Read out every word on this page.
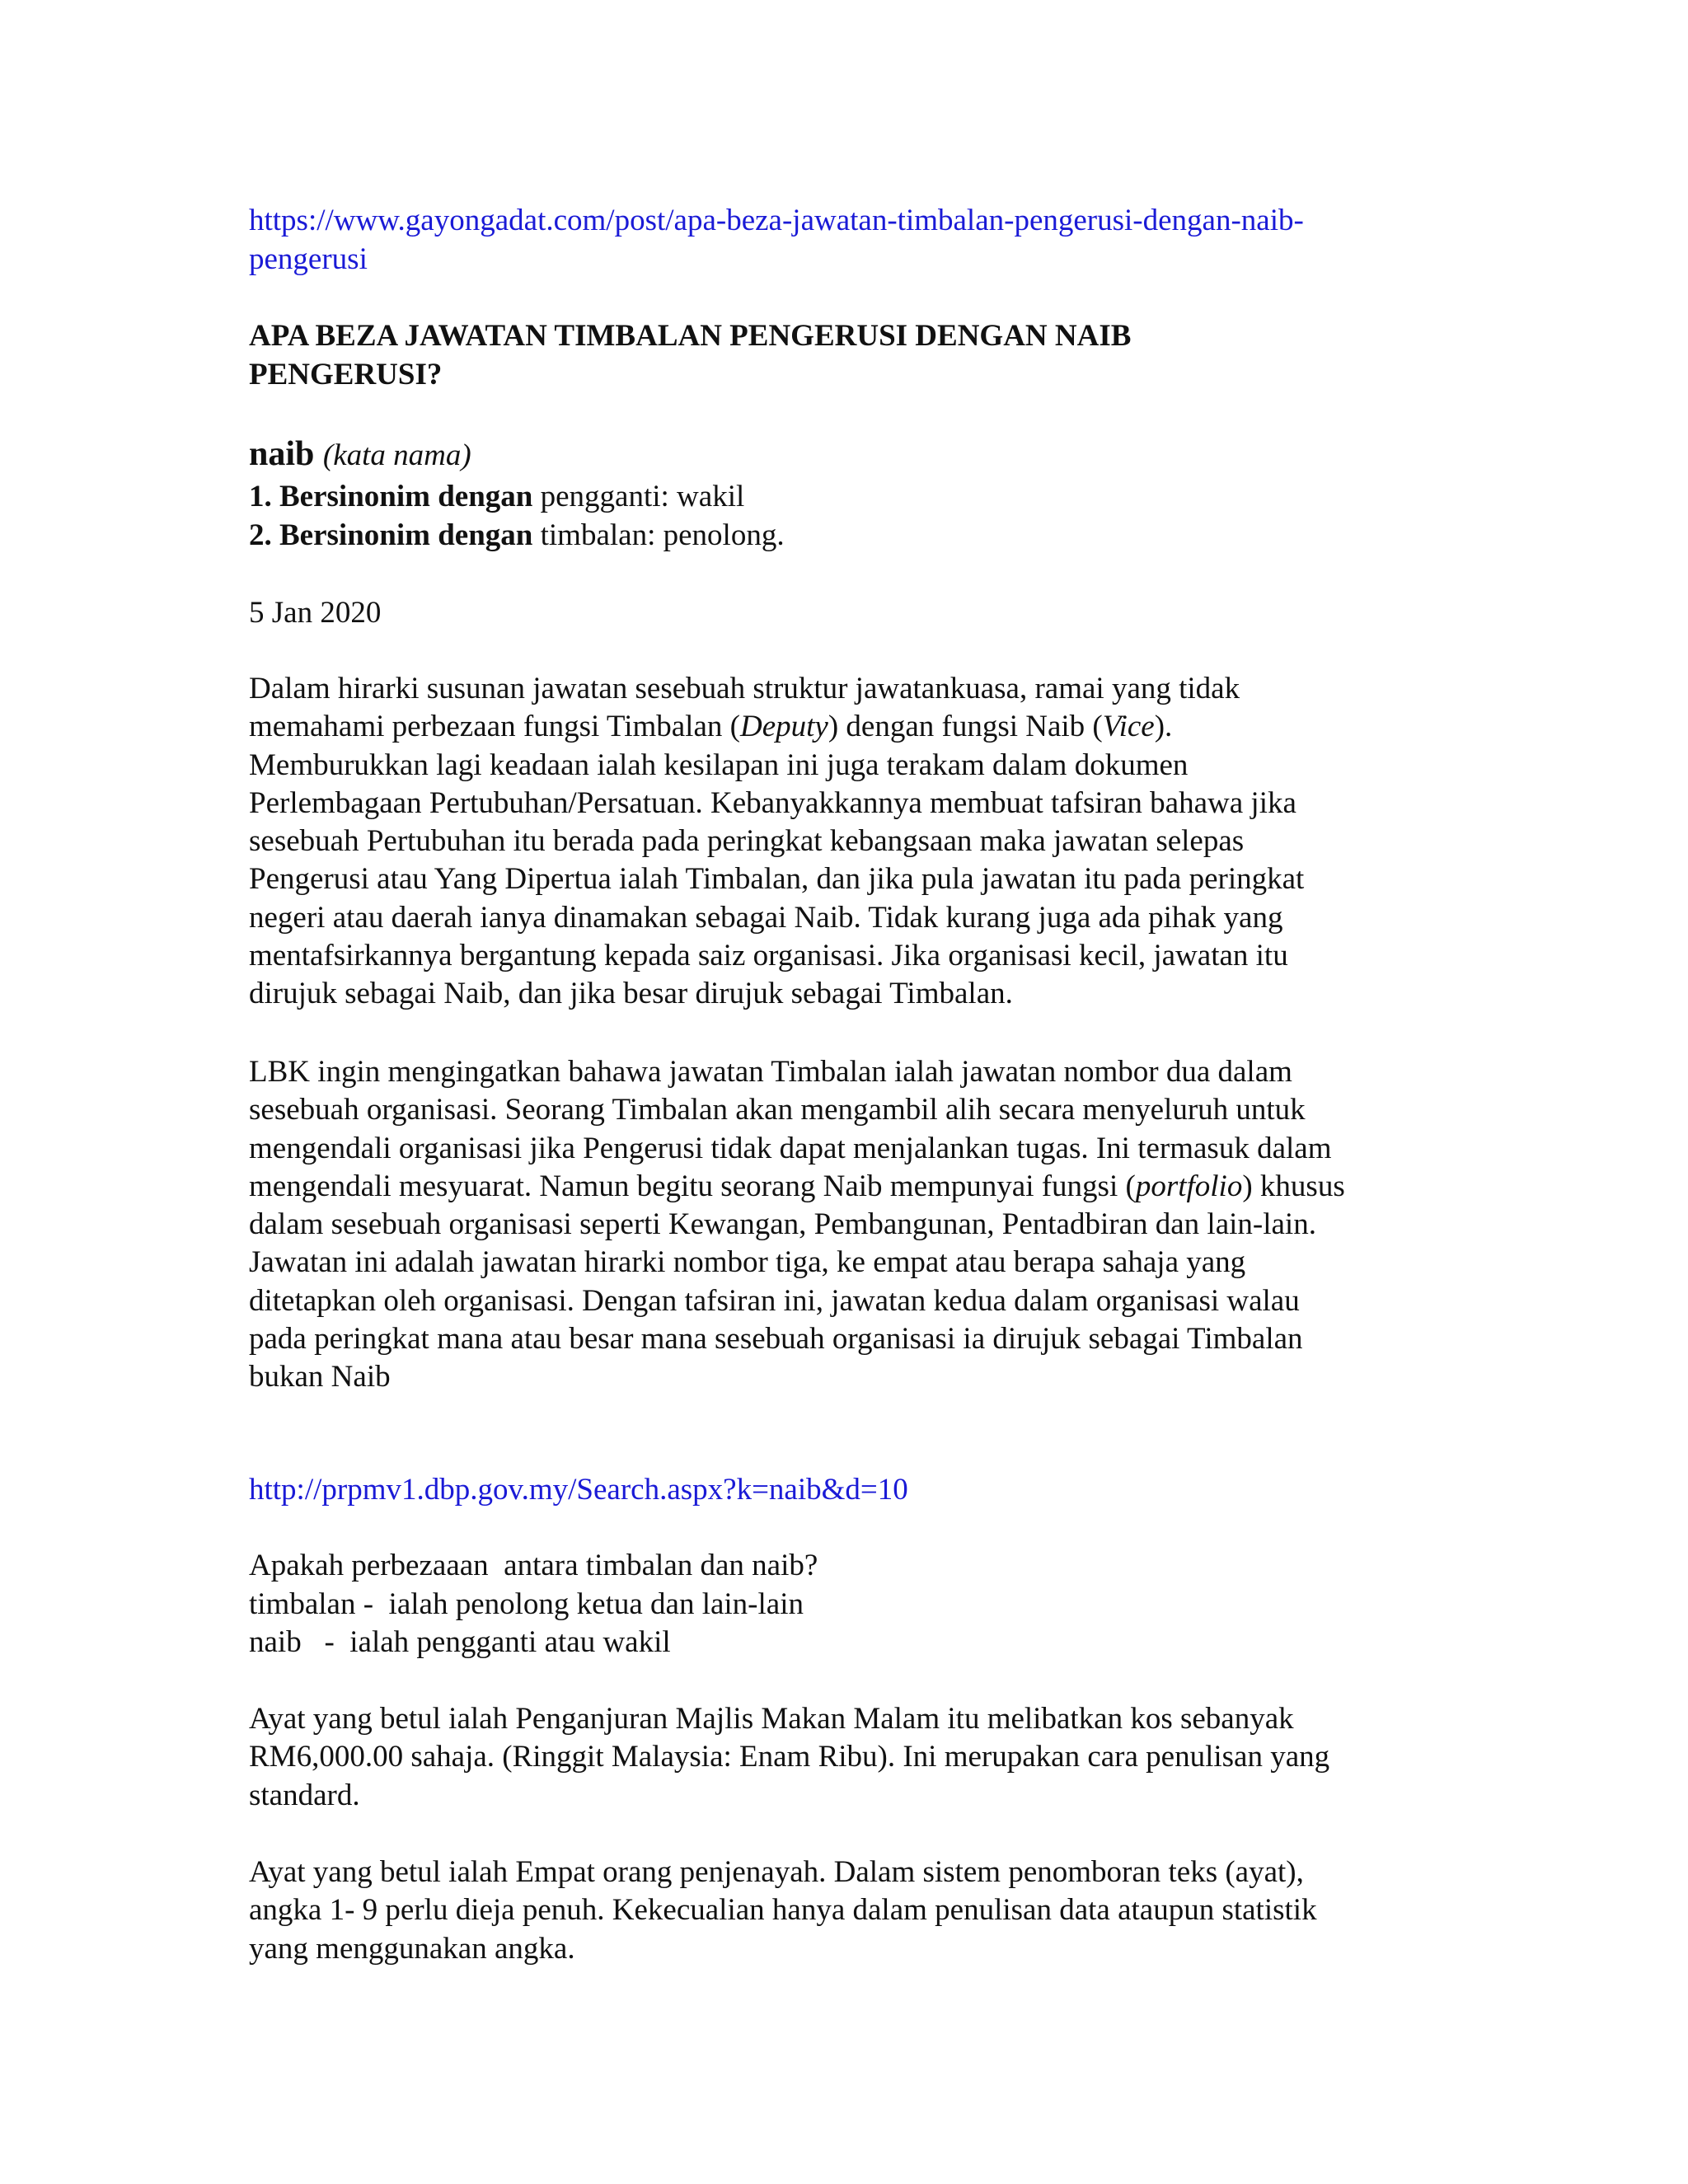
https://www.gayongadat.com/post/apa-beza-jawatan-timbalan-pengerusi-dengan-naib-
pengerusi
APA BEZA JAWATAN TIMBALAN PENGERUSI DENGAN NAIB
PENGERUSI?
naib (kata nama)
1. Bersinonim dengan pengganti: wakil
2. Bersinonim dengan timbalan: penolong.
5 Jan 2020

Dalam hirarki susunan jawatan sesebuah struktur jawatankuasa, ramai yang tidak
memahami perbezaan fungsi Timbalan (Deputy) dengan fungsi Naib (Vice).
Memburukkan lagi keadaan ialah kesilapan ini juga terakam dalam dokumen
Perlembagaan Pertubuhan/Persatuan. Kebanyakkannya membuat tafsiran bahawa jika
sesebuah Pertubuhan itu berada pada peringkat kebangsaan maka jawatan selepas
Pengerusi atau Yang Dipertua ialah Timbalan, dan jika pula jawatan itu pada peringkat
negeri atau daerah ianya dinamakan sebagai Naib. Tidak kurang juga ada pihak yang
mentafsirkannya bergantung kepada saiz organisasi. Jika organisasi kecil, jawatan itu
dirujuk sebagai Naib, dan jika besar dirujuk sebagai Timbalan.

LBK ingin mengingatkan bahawa jawatan Timbalan ialah jawatan nombor dua dalam
sesebuah organisasi. Seorang Timbalan akan mengambil alih secara menyeluruh untuk
mengendali organisasi jika Pengerusi tidak dapat menjalankan tugas. Ini termasuk dalam
mengendali mesyuarat. Namun begitu seorang Naib mempunyai fungsi (portfolio) khusus
dalam sesebuah organisasi seperti Kewangan, Pembangunan, Pentadbiran dan lain-lain.
Jawatan ini adalah jawatan hirarki nombor tiga, ke empat atau berapa sahaja yang
ditetapkan oleh organisasi. Dengan tafsiran ini, jawatan kedua dalam organisasi walau
pada peringkat mana atau besar mana sesebuah organisasi ia dirujuk sebagai Timbalan
bukan Naib

http://prpmv1.dbp.gov.my/Search.aspx?k=naib&d=10
Apakah perbezaaan  antara timbalan dan naib?
timbalan -  ialah penolong ketua dan lain-lain
naib   -  ialah pengganti atau wakil

Ayat yang betul ialah Penganjuran Majlis Makan Malam itu melibatkan kos sebanyak
RM6,000.00 sahaja. (Ringgit Malaysia: Enam Ribu). Ini merupakan cara penulisan yang
standard.

Ayat yang betul ialah Empat orang penjenayah. Dalam sistem penomboran teks (ayat),
angka 1- 9 perlu dieja penuh. Kekecualian hanya dalam penulisan data ataupun statistik
yang menggunakan angka.
